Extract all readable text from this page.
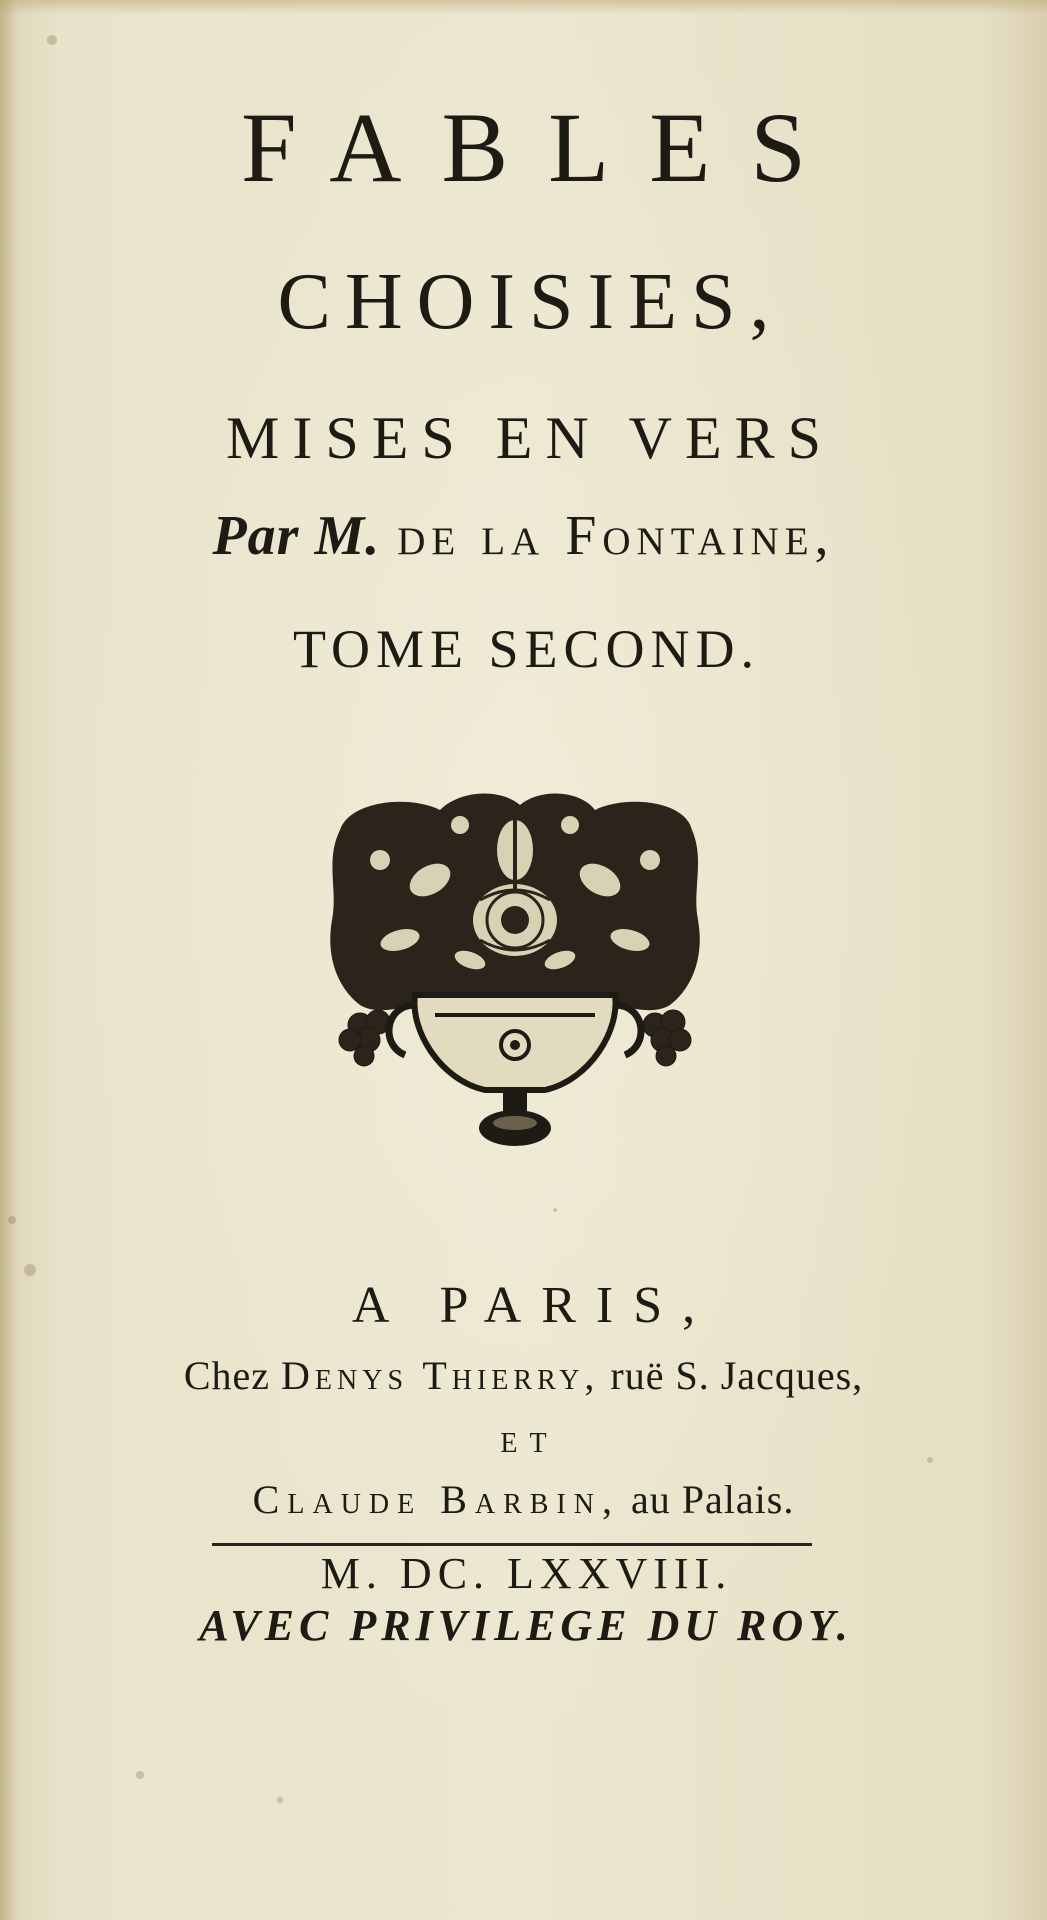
FABLES
CHOISIES,
MISES EN VERS
Par M. de la Fontaine,
TOME SECOND.
A PARIS,
Chez Denys Thierry, ruë S. Jacques,
ET
Claude Barbin, au Palais.
M. DC. LXXVIII.
AVEC PRIVILEGE DU ROY.
